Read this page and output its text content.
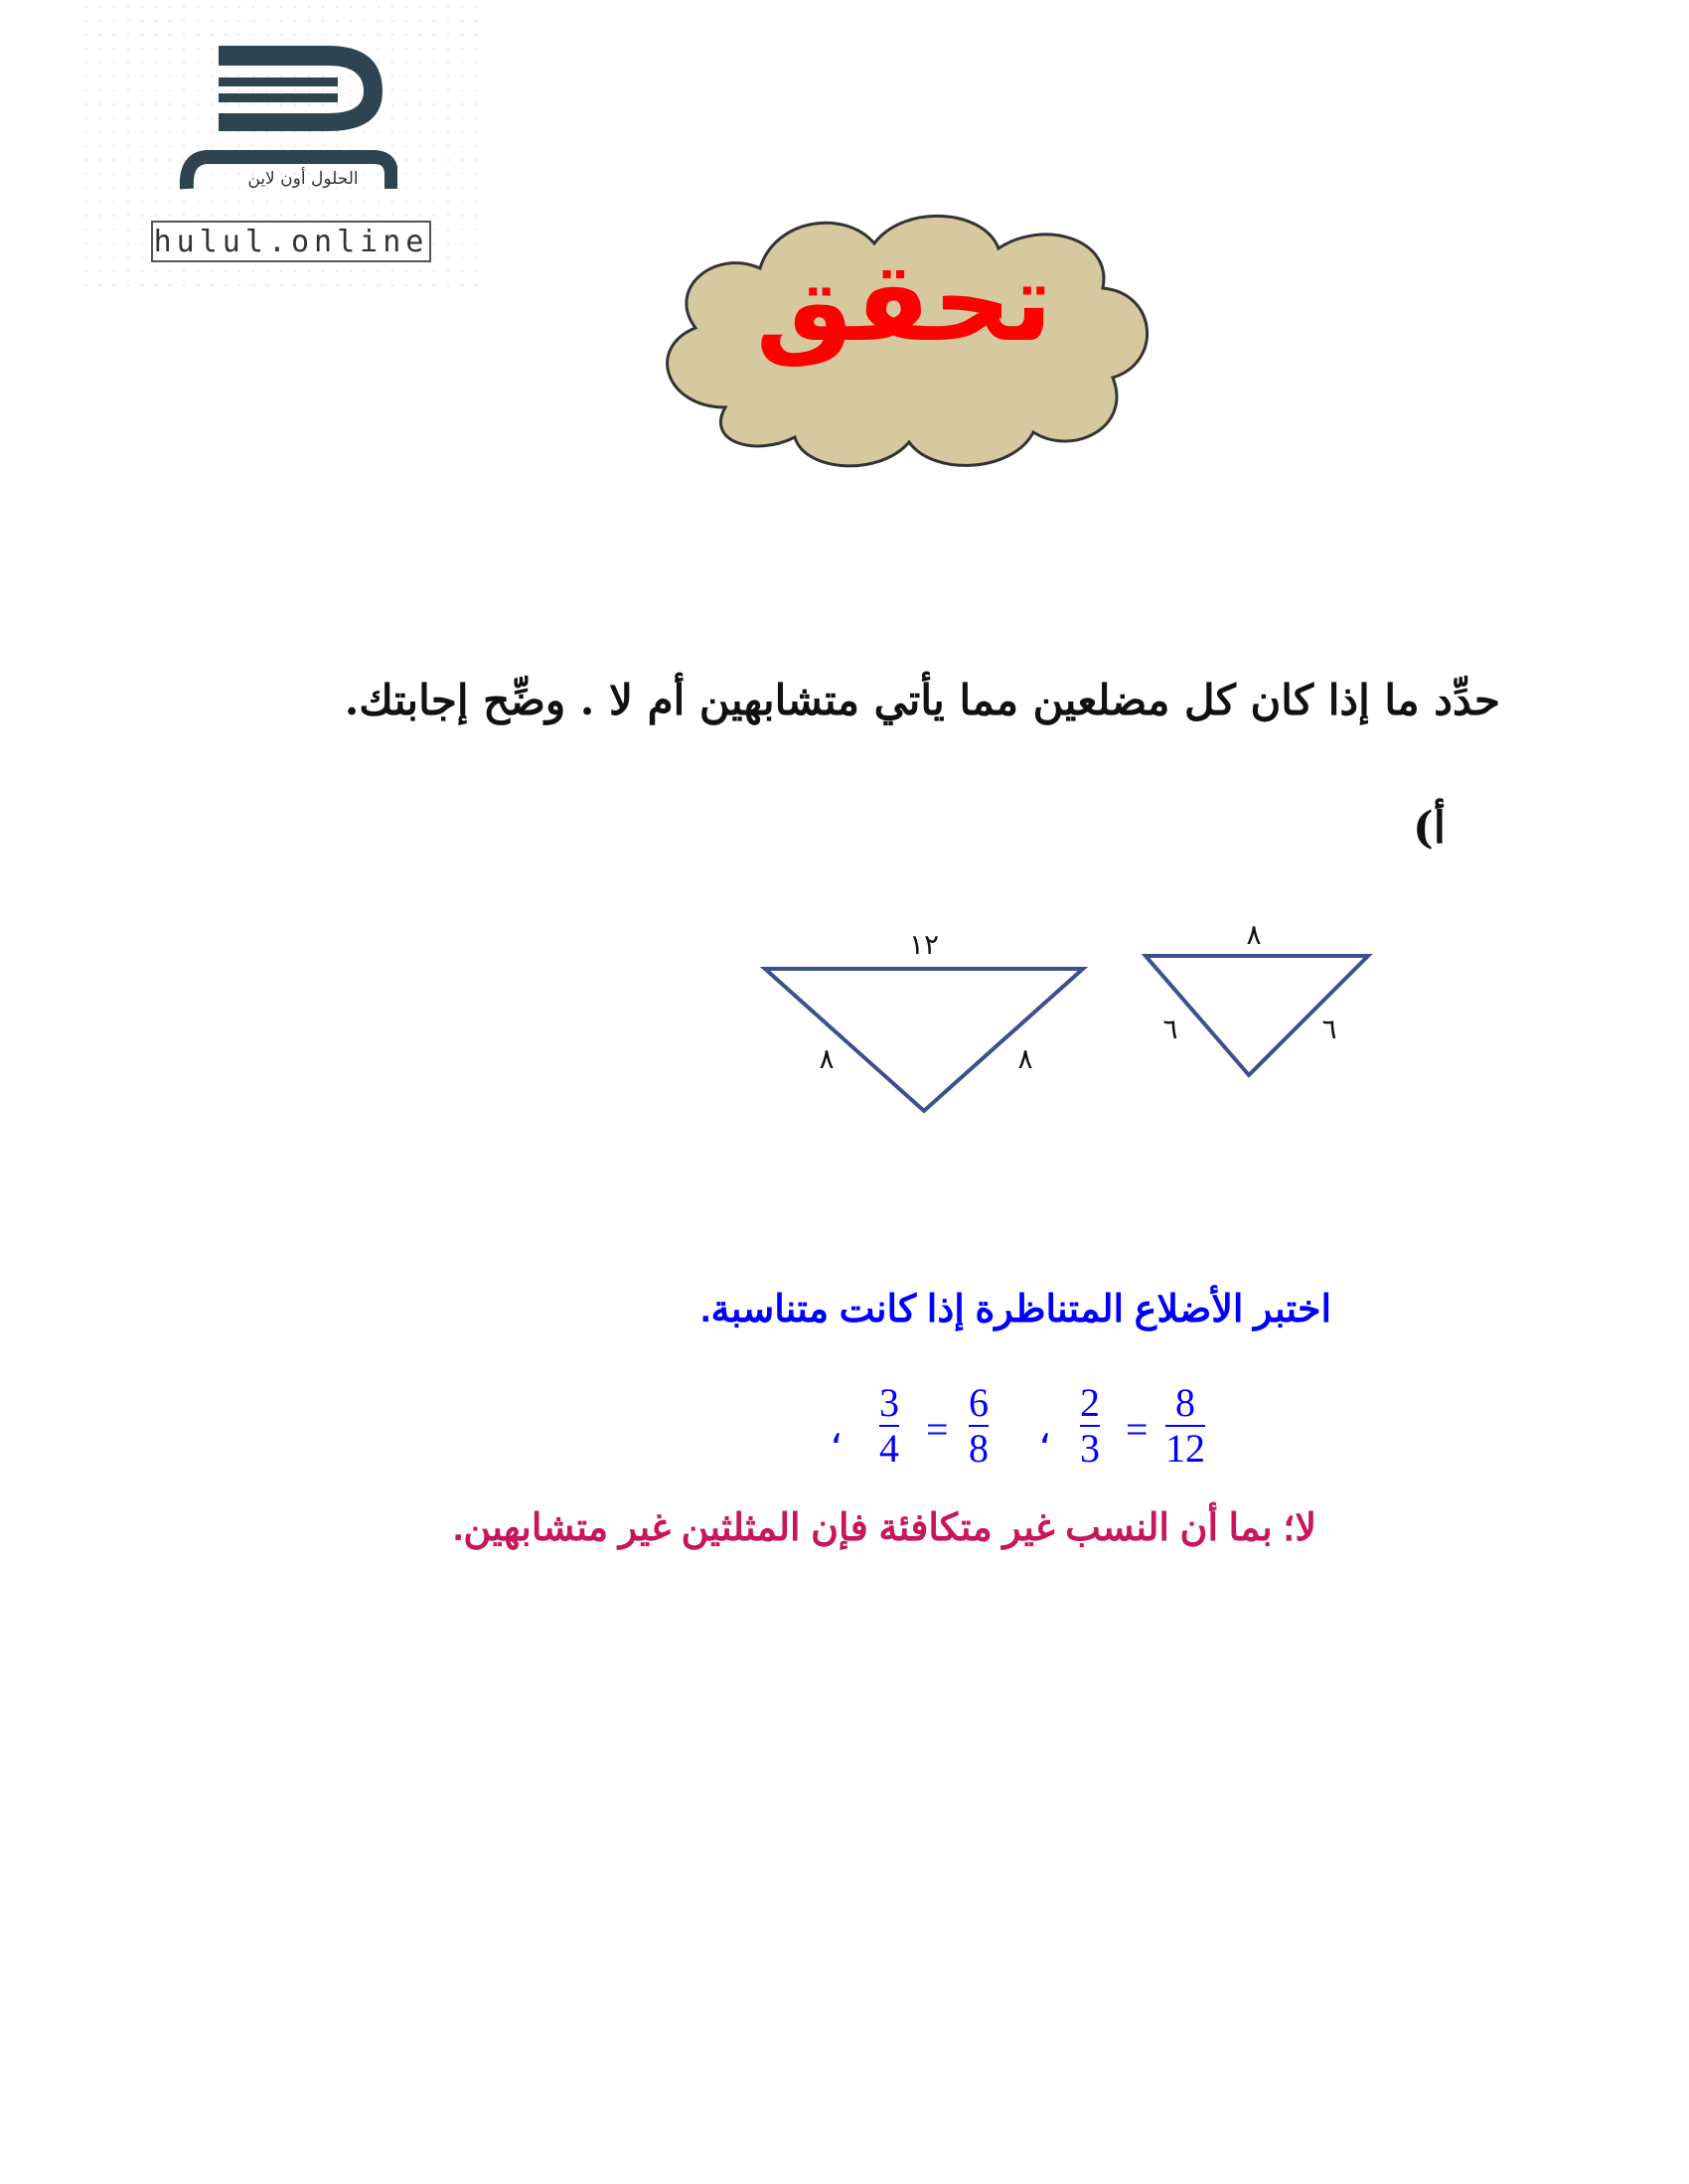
الحلول أون لاين
hulul.online	تحقق
حدِّد ما إذا كان كل مضلعين مما يأتي متشابهين أم لا . وضِّح إجابتك.
أ)
١٢
٨	٨
٨
٦	٦
اختبر الأضلاع المتناظرة إذا كانت متناسبة.
،
3
4 =
6
8 ،
2
3 =
8
12
لا؛ بما أن النسب غير متكافئة فإن المثلثين غير متشابهين.
